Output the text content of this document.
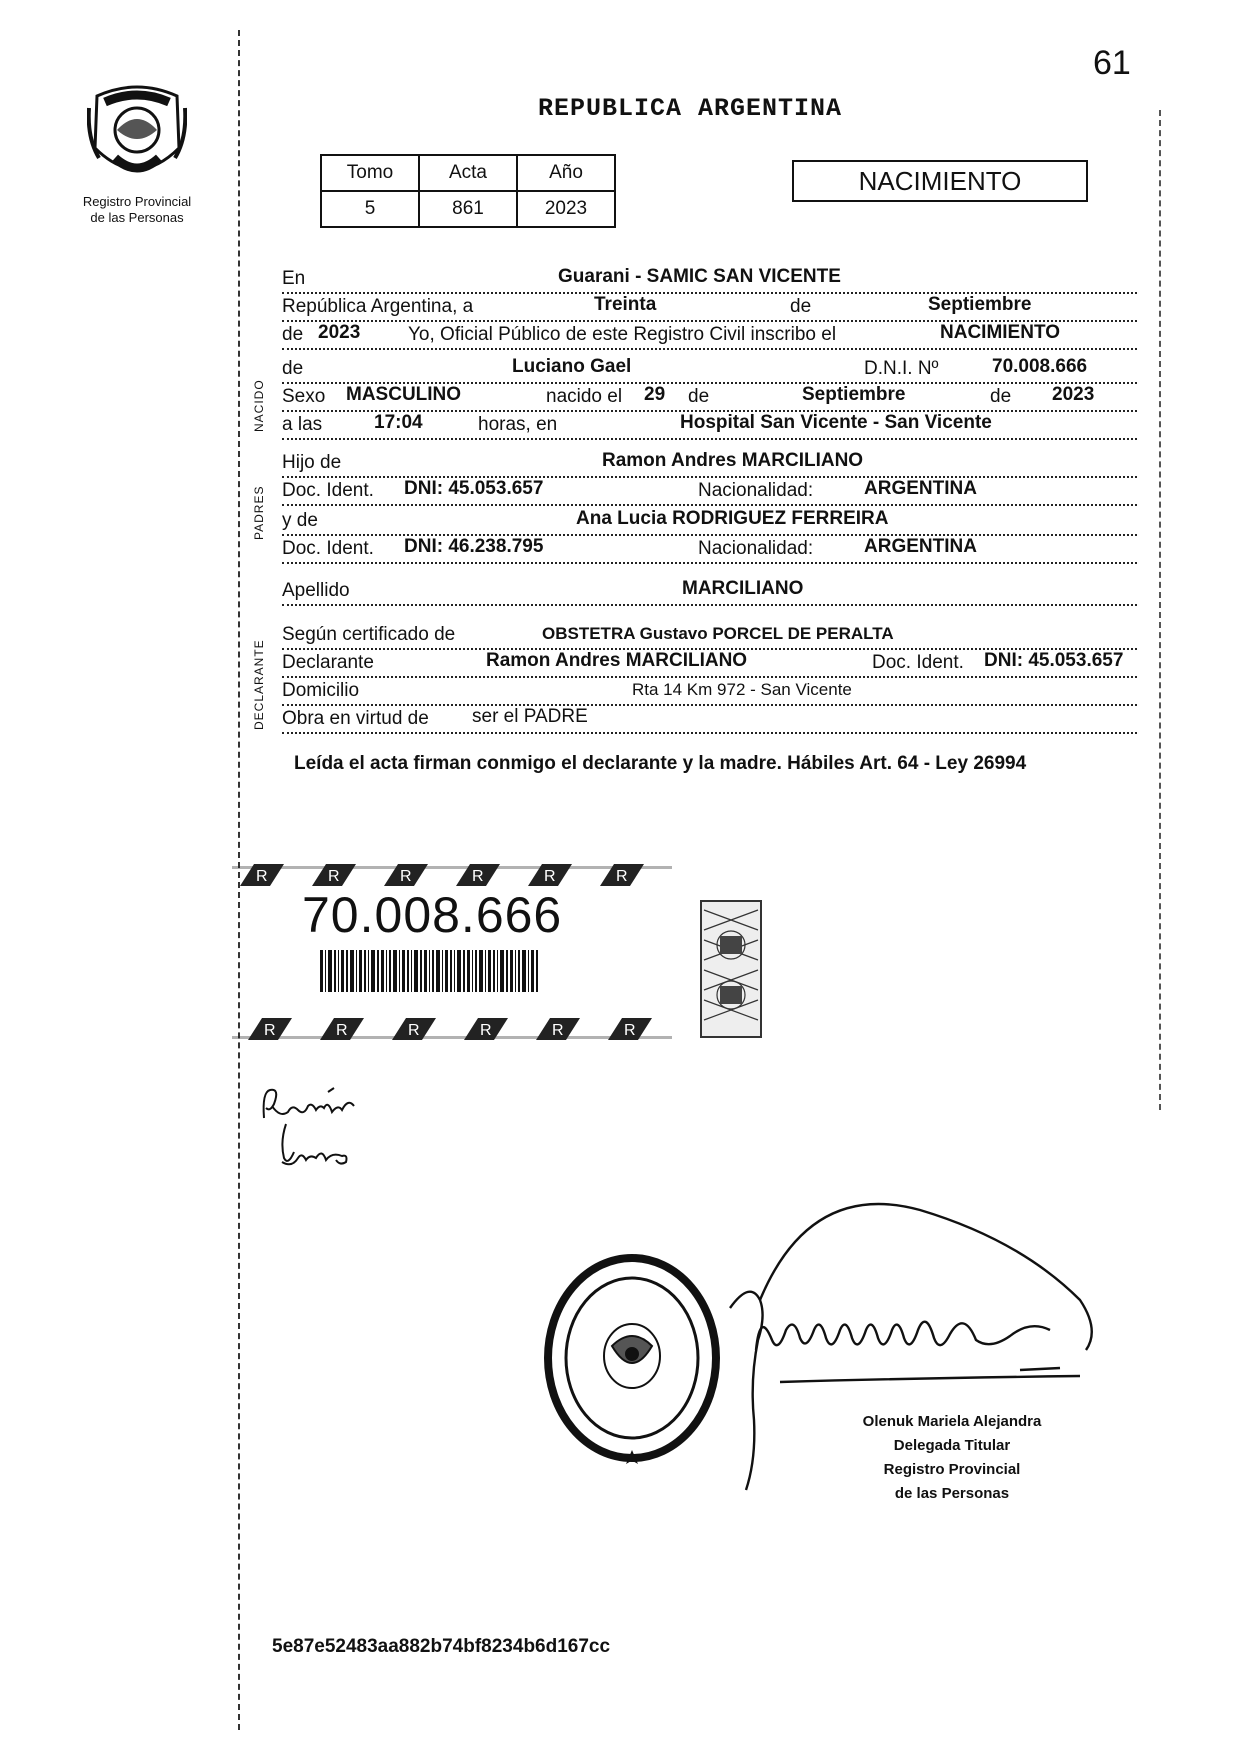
61
REPUBLICA ARGENTINA
Registro Provincial
de las Personas
Tomo	Acta	Año
5	861	2023
NACIMIENTO
NACIDO
PADRES
DECLARANTE
En	Guarani - SAMIC SAN VICENTE
República Argentina, a	Treinta	de	Septiembre
de 2023	Yo, Oficial Público de este Registro Civil inscribo el	NACIMIENTO
de	Luciano Gael	D.N.I. Nº	70.008.666
Sexo MASCULINO	nacido el 29 de	Septiembre	de 2023
a las	17:04	horas, en	Hospital San Vicente - San Vicente
Hijo de	Ramon Andres MARCILIANO
Doc. Ident. DNI: 45.053.657	Nacionalidad:	ARGENTINA
y de	Ana Lucia RODRIGUEZ FERREIRA
Doc. Ident. DNI: 46.238.795	Nacionalidad:	ARGENTINA
Apellido	MARCILIANO
Según certificado de	OBSTETRA Gustavo PORCEL DE PERALTA
Declarante	Ramon Andres MARCILIANO	Doc. Ident. DNI: 45.053.657
Domicilio	Rta 14 Km 972 - San Vicente
Obra en virtud de ser el PADRE
Leída el acta firman conmigo el declarante y la madre. Hábiles Art. 64 - Ley 26994
R	R	R	R	R	R
70.008.666
R	R	R	R	R	R
Olenuk Mariela Alejandra
Delegada Titular
Registro Provincial
de las Personas
5e87e52483aa882b74bf8234b6d167cc
